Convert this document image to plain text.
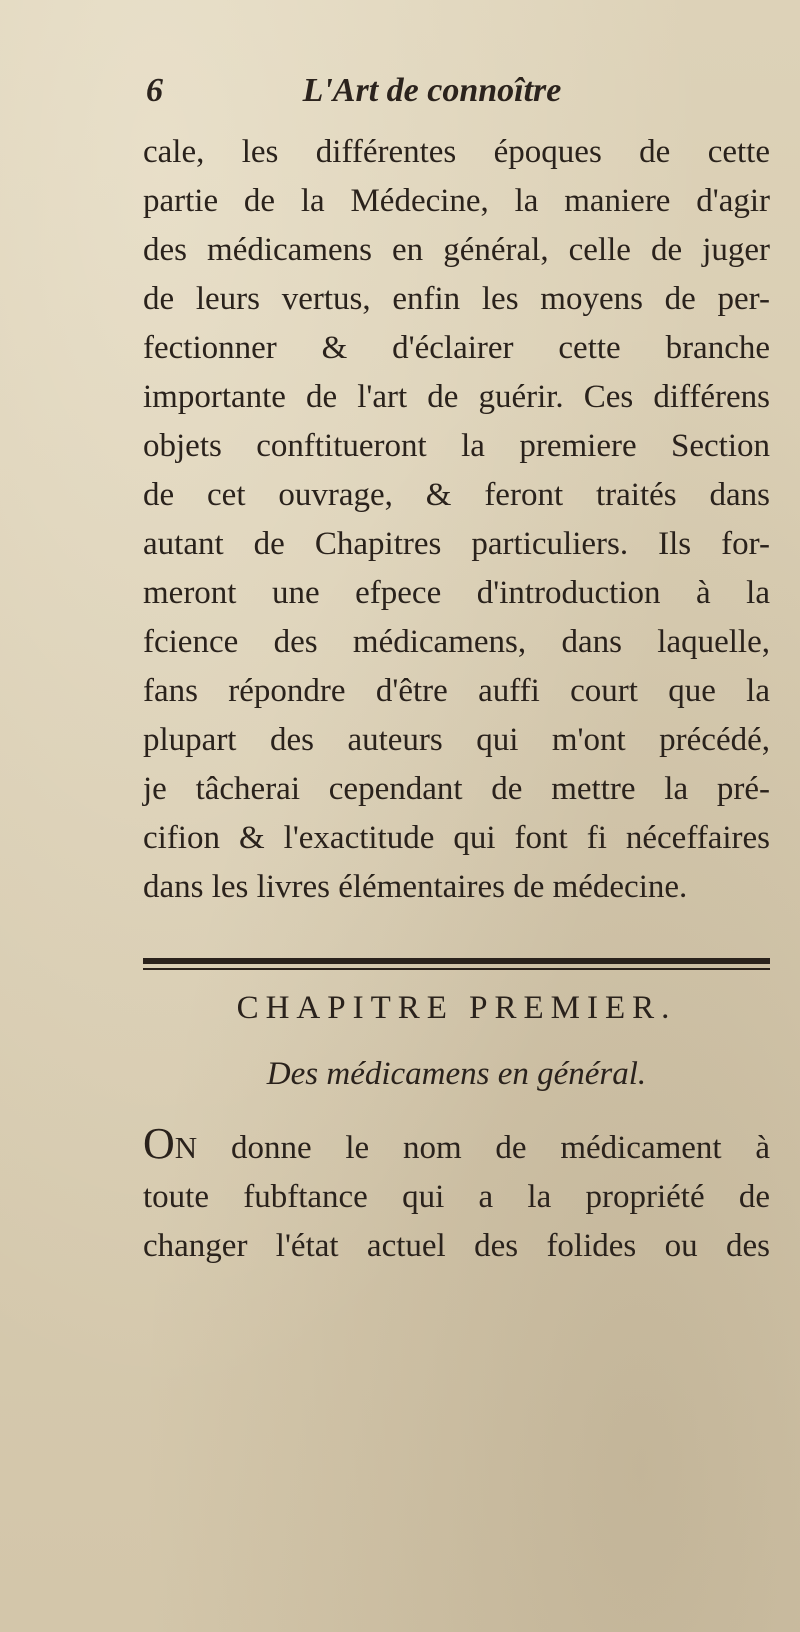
6	L'Art de connoître
cale, les différentes époques de cette
partie de la Médecine, la maniere d'agir
des médicamens en général, celle de juger
de leurs vertus, enfin les moyens de per-
fectionner & d'éclairer cette branche
importante de l'art de guérir. Ces différens
objets conftitueront la premiere Section
de cet ouvrage, & feront traités dans
autant de Chapitres particuliers. Ils for-
meront une efpece d'introduction à la
fcience des médicamens, dans laquelle,
fans répondre d'être auffi court que la
plupart des auteurs qui m'ont précédé,
je tâcherai cependant de mettre la pré-
cifion & l'exactitude qui font fi néceffaires
dans les livres élémentaires de médecine.
CHAPITRE PREMIER.
Des médicamens en général.
ON donne le nom de médicament à
toute fubftance qui a la propriété de
changer l'état actuel des folides ou des
